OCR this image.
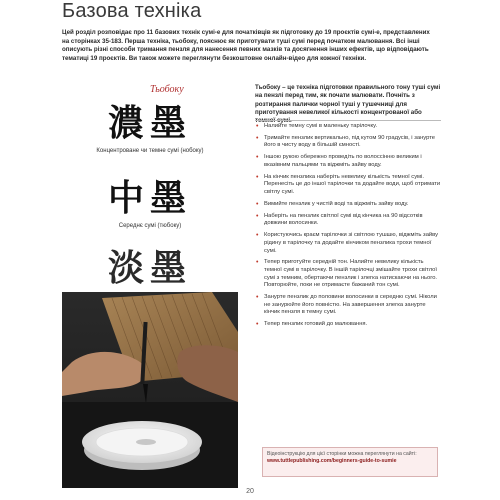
Базова техніка
Цей розділ розповідає про 11 базових технік сумі-е для початківців як підготовку до 19 проєктів сумі-е, представлених на сторінках 35-183. Перша техніка, тьобоку, пояснює як приготувати туші сумі перед початком малювання. Всі інші описують різні способи тримання пензля для нанесення певних мазків та досягнення інших ефектів, що відповідають тематиці 19 проєктів. Ви також можете переглянути безкоштовне онлайн-відео для кожної техніки.
Тьобоку
濃墨
Концентроване чи темне сумі (нобоку)
中墨
Середнє сумі (тюбоку)
淡墨
Тьобоку – це техніка підготовки правильного тону туші сумі на пензлі перед тим, як почати малювати. Почніть з розтирання палички чорної туші у тушечниці для приготування невеликої кількості концентрованої або темної сумі.
• Налийте темну сумі в маленьку тарілочку.
• Тримайте пензлик вертикально, під кутом 90 градусів, і занурте його в чисту воду в більшій ємності.
• Іншою рукою обережно проведіть по волоссінню великим і вказівним пальцями та віджміть зайву воду.
• На кінчик пензлика наберіть невелику кількість темної сумі. Перенесіть це до іншої тарілочки та додайте води, щоб отримати світлу сумі.
• Вимийте пензлик у чистій воді та віджміть зайву воду.
• Наберіть на пензлик світлої сумі від кінчика на 90 відсотків довжини волосинки.
• Користуючись краєм тарілочки зі світлою тушшю, віджміть зайву рідину в тарілочку та додайте кінчиком пензлика трохи темної сумі.
• Тепер приготуйте середній тон. Налийте невелику кількість темної сумі в тарілочку. В іншій тарілочці змішайте трохи світлої сумі з темним, обертаючи пензлик і злегка натискаючи на нього. Повторюйте, поки не отримаєте бажаний тон сумі.
• Занурте пензлик до половини волосинки в середню сумі. Ніколи не занурюйте його повністю. На завершення злегка занурте кінчик пензля в темну сумі.
• Тепер пензлик готовий до малювання.
Відеоінструкцію для цієї сторінки можна переглянути на сайті:
www.tuttlepublishing.com/beginners-guide-to-sumie
20
